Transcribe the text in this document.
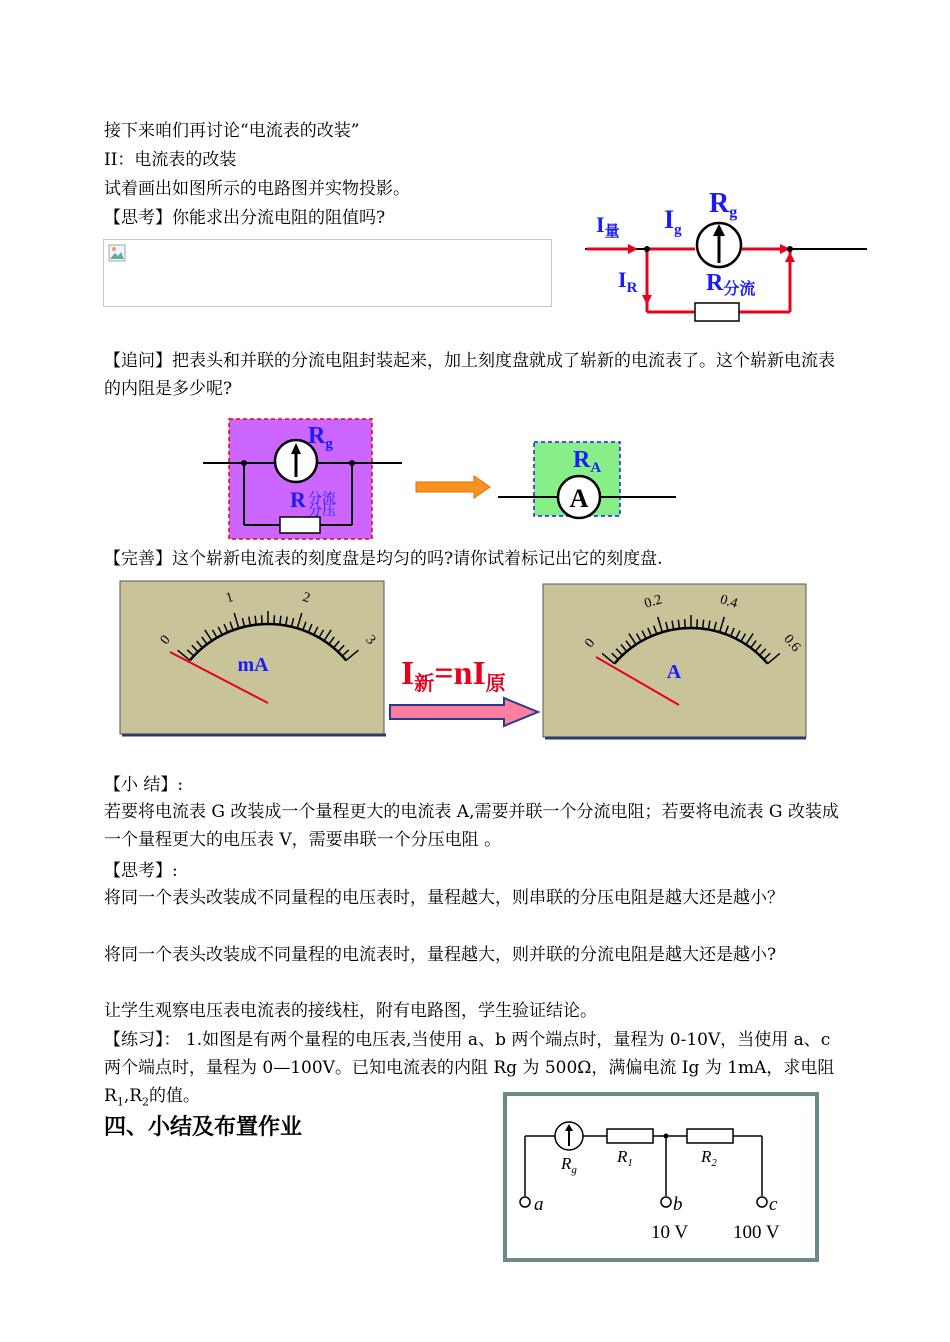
接下来咱们再讨论“电流表的改装”
II：电流表的改装
试着画出如图所示的电路图并实物投影。
【思考】你能求出分流电阻的阻值吗?	I量 $I_g$
Rg
$I_R$	R分流
【追问】把表头和并联的分流电阻封装起来，加上刻度盘就成了崭新的电流表了。这个崭新电流表的内阻是多少呢?
$R_g$
R 分流
分压	A
$R_A$
【完善】这个崭新电流表的刻度盘是均匀的吗?请你试着标记出它的刻度盘.
mA
0
1	2
3
I新=nI原
A
0
0.2	0.4
0.6
【小 结】:
若要将电流表 G 改装成一个量程更大的电流表 A,需要并联一个分流电阻；若要将电流表 G 改装成一个量程更大的电压表 V，需要串联一个分压电阻 。
【思考】:
将同一个表头改装成不同量程的电压表时，量程越大，则串联的分压电阻是越大还是越小？
将同一个表头改装成不同量程的电流表时，量程越大，则并联的分流电阻是越大还是越小?
让学生观察电压表电流表的接线柱，附有电路图，学生验证结论。
【练习】： 1.如图是有两个量程的电压表,当使用 a、b 两个端点时，量程为 0-10V，当使用 a、c 两个端点时，量程为 0—100V。已知电流表的内阻 Rg 为 500Ω，满偏电流 Ig 为 1mA，求电阻 $R_1,R_2$的值。
四、小结及布置作业
$R_g$
$R_1$	$R_2$
a	b	c
10 V 100 V
